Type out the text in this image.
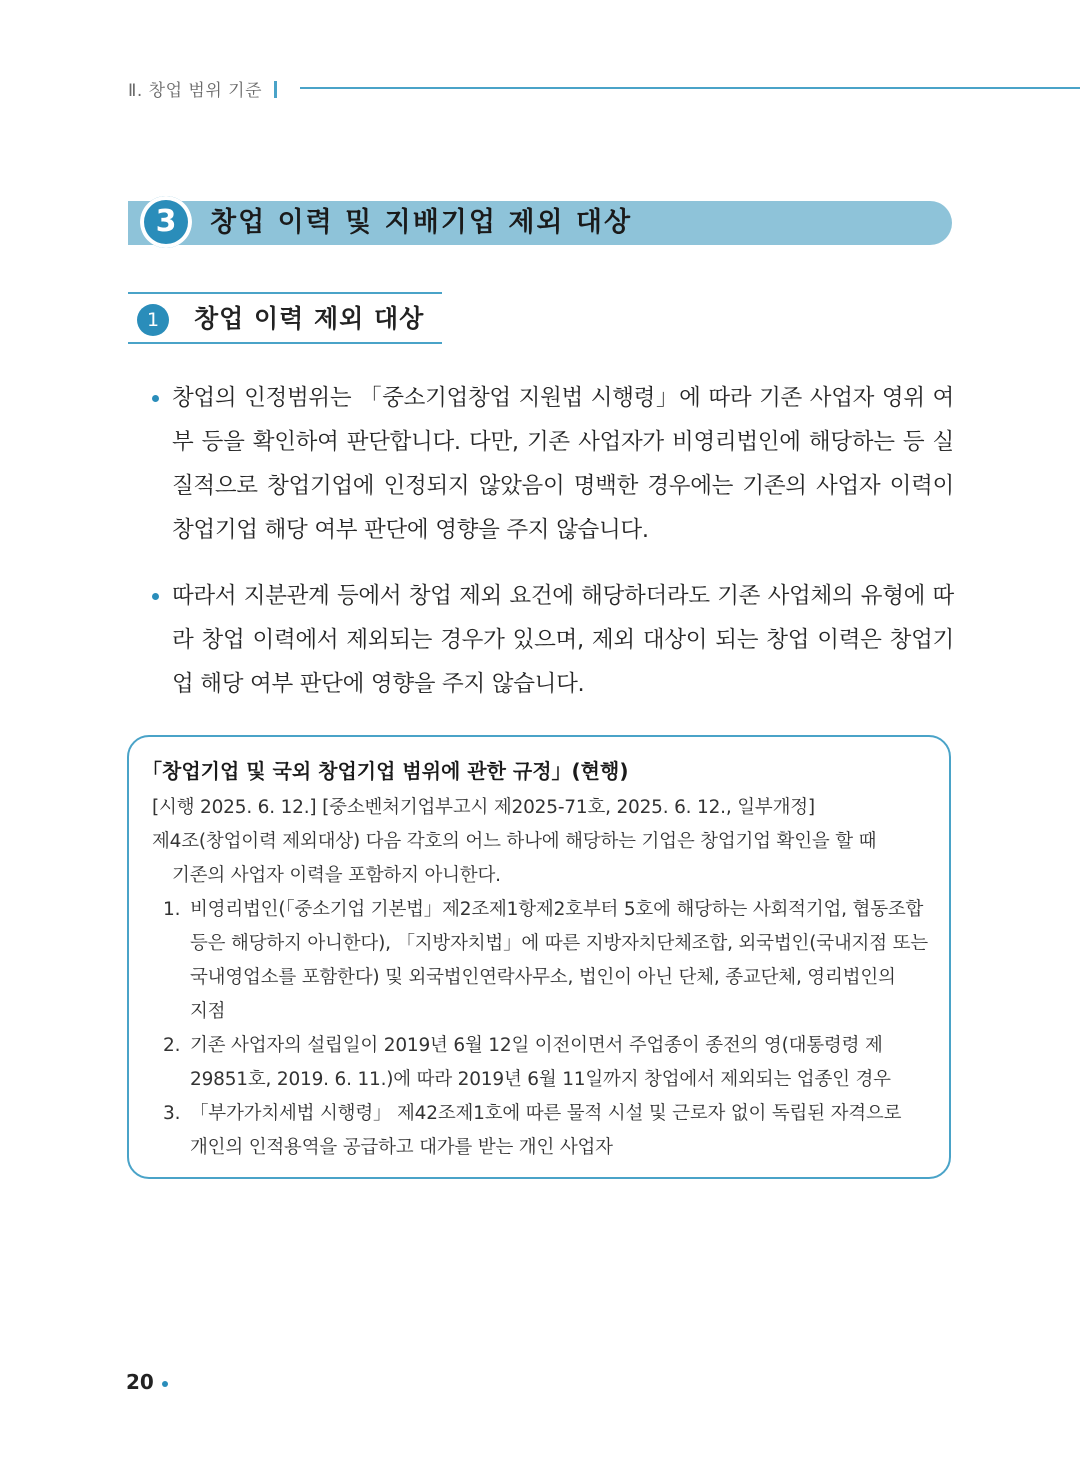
Ⅱ. 창업 범위 기준
3	창업 이력 및 지배기업 제외 대상
1	창업 이력 제외 대상
창업의 인정범위는 「중소기업창업 지원법 시행령」에 따라 기존 사업자 영위 여부 등을 확인하여 판단합니다. 다만, 기존 사업자가 비영리법인에 해당하는 등 실질적으로 창업기업에 인정되지 않았음이 명백한 경우에는 기존의 사업자 이력이 창업기업 해당 여부 판단에 영향을 주지 않습니다.
따라서 지분관계 등에서 창업 제외 요건에 해당하더라도 기존 사업체의 유형에 따라 창업 이력에서 제외되는 경우가 있으며, 제외 대상이 되는 창업 이력은 창업기업 해당 여부 판단에 영향을 주지 않습니다.
「창업기업 및 국외 창업기업 범위에 관한 규정」(현행)
[시행 2025. 6. 12.] [중소벤처기업부고시 제2025-71호, 2025. 6. 12., 일부개정]
제4조(창업이력 제외대상) 다음 각호의 어느 하나에 해당하는 기업은 창업기업 확인을 할 때
기존의 사업자 이력을 포함하지 아니한다.
1. 비영리법인(「중소기업 기본법」제2조제1항제2호부터 5호에 해당하는 사회적기업, 협동조합
등은 해당하지 아니한다), 「지방자치법」에 따른 지방자치단체조합, 외국법인(국내지점 또는
국내영업소를 포함한다) 및 외국법인연락사무소, 법인이 아닌 단체, 종교단체, 영리법인의
지점
2. 기존 사업자의 설립일이 2019년 6월 12일 이전이면서 주업종이 종전의 영(대통령령 제
29851호, 2019. 6. 11.)에 따라 2019년 6월 11일까지 창업에서 제외되는 업종인 경우
3. 「부가가치세법 시행령」 제42조제1호에 따른 물적 시설 및 근로자 없이 독립된 자격으로
개인의 인적용역을 공급하고 대가를 받는 개인 사업자
20
